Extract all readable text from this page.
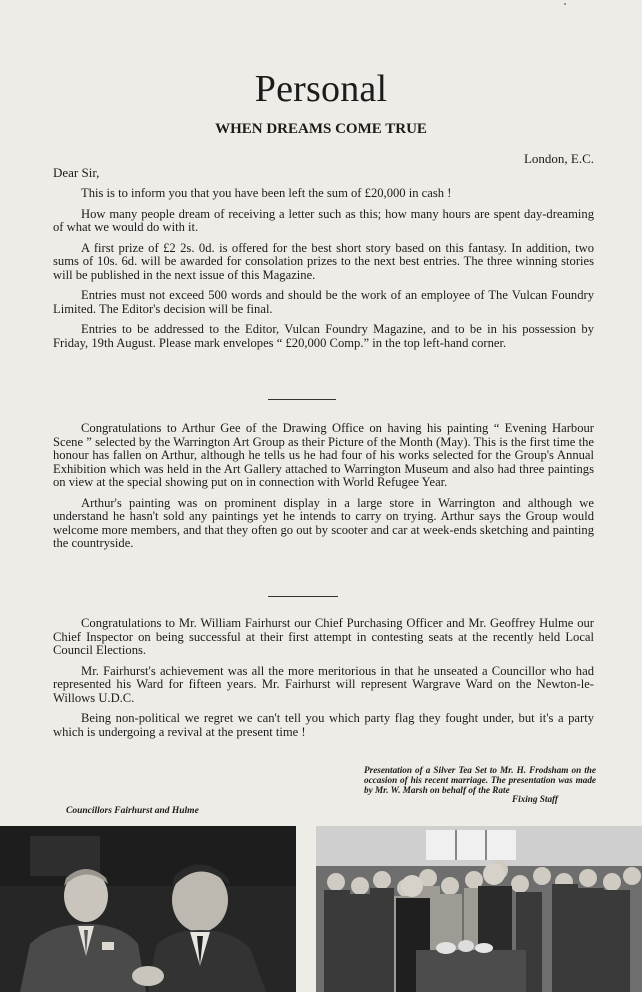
Personal
WHEN DREAMS COME TRUE
London, E.C.
Dear Sir,

This is to inform you that you have been left the sum of £20,000 in cash !

How many people dream of receiving a letter such as this; how many hours are spent day-dreaming of what we would do with it.

A first prize of £2 2s. 0d. is offered for the best short story based on this fantasy. In addition, two sums of 10s. 6d. will be awarded for consolation prizes to the next best entries. The three winning stories will be published in the next issue of this Magazine.

Entries must not exceed 500 words and should be the work of an employee of The Vulcan Foundry Limited. The Editor's decision will be final.

Entries to be addressed to the Editor, Vulcan Foundry Magazine, and to be in his possession by Friday, 19th August. Please mark envelopes “ £20,000 Comp.” in the top left-hand corner.

Congratulations to Arthur Gee of the Drawing Office on having his painting “ Evening Harbour Scene ” selected by the Warrington Art Group as their Picture of the Month (May). This is the first time the honour has fallen on Arthur, although he tells us he had four of his works selected for the Group's Annual Exhibition which was held in the Art Gallery attached to Warrington Museum and also had three paintings on view at the special showing put on in connection with World Refugee Year.

Arthur's painting was on prominent display in a large store in Warrington and although we understand he hasn't sold any paintings yet he intends to carry on trying. Arthur says the Group would welcome more members, and that they often go out by scooter and car at week-ends sketching and painting the countryside.

Congratulations to Mr. William Fairhurst our Chief Purchasing Officer and Mr. Geoffrey Hulme our Chief Inspector on being successful at their first attempt in contesting seats at the recently held Local Council Elections.

Mr. Fairhurst's achievement was all the more meritorious in that he unseated a Councillor who had represented his Ward for fifteen years. Mr. Fairhurst will represent Wargrave Ward on the Newton-le-Willows U.D.C.

Being non-political we regret we can't tell you which party flag they fought under, but it's a party which is undergoing a revival at the present time !

Councillors Fairhurst and Hulme
Presentation of a Silver Tea Set to Mr. H. Frodsham on the occasion of his recent marriage. The presentation was made by Mr. W. Marsh on behalf of the Rate
Fixing Staff
